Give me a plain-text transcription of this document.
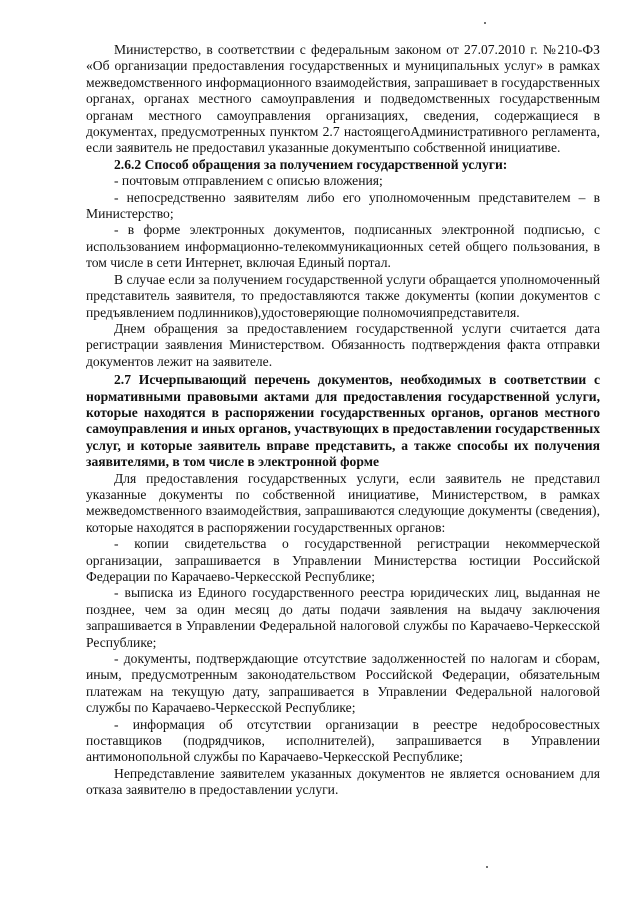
Министерство, в соответствии с федеральным законом от 27.07.2010 г. №210-ФЗ «Об организации предоставления государственных и муниципальных услуг» в рамках межведомственного информационного взаимодействия, запрашивает в государственных органах, органах местного самоуправления и подведомственных государственным органам местного самоуправления организациях, сведения, содержащиеся в документах, предусмотренных пунктом 2.7 настоящегоАдминистративного регламента, если заявитель не предоставил указанные документыпо собственной инициативе.

2.6.2 Способ обращения за получением государственной услуги:

- почтовым отправлением с описью вложения;

- непосредственно заявителям либо его уполномоченным представителем – в Министерство;

- в форме электронных документов, подписанных электронной подписью, с использованием информационно-телекоммуникационных сетей общего пользования, в том числе в сети Интернет, включая Единый портал.

В случае если за получением государственной услуги обращается уполномоченный представитель заявителя, то предоставляются также документы (копии документов с предъявлением подлинников),удостоверяющие полномочияпредставителя.

Днем обращения за предоставлением государственной услуги считается дата регистрации заявления Министерством. Обязанность подтверждения факта отправки документов лежит на заявителе.

2.7 Исчерпывающий перечень документов, необходимых в соответствии с нормативными правовыми актами для предоставления государственной услуги, которые находятся в распоряжении государственных органов, органов местного самоуправления и иных органов, участвующих в предоставлении государственных услуг, и которые заявитель вправе представить, а также способы их получения заявителями, в том числе в электронной форме

Для предоставления государственных услуги, если заявитель не представил указанные документы по собственной инициативе, Министерством, в рамках межведомственного взаимодействия, запрашиваются следующие документы (сведения), которые находятся в распоряжении государственных органов:

- копии свидетельства о государственной регистрации некоммерческой организации, запрашивается в Управлении Министерства юстиции Российской Федерации по Карачаево-Черкесской Республике;

- выписка из Единого государственного реестра юридических лиц, выданная не позднее, чем за один месяц до даты подачи заявления на выдачу заключения запрашивается в Управлении Федеральной налоговой службы по Карачаево-Черкесской Республике;

- документы, подтверждающие отсутствие задолженностей по налогам и сборам, иным, предусмотренным законодательством Российской Федерации, обязательным платежам на текущую дату, запрашивается в Управлении Федеральной налоговой службы по Карачаево-Черкесской Республике;

- информация об отсутствии организации в реестре недобросовестных поставщиков (подрядчиков, исполнителей), запрашивается в Управлении антимонопольной службы по Карачаево-Черкесской Республике;

Непредставление заявителем указанных документов не является основанием для отказа заявителю в предоставлении услуги.
